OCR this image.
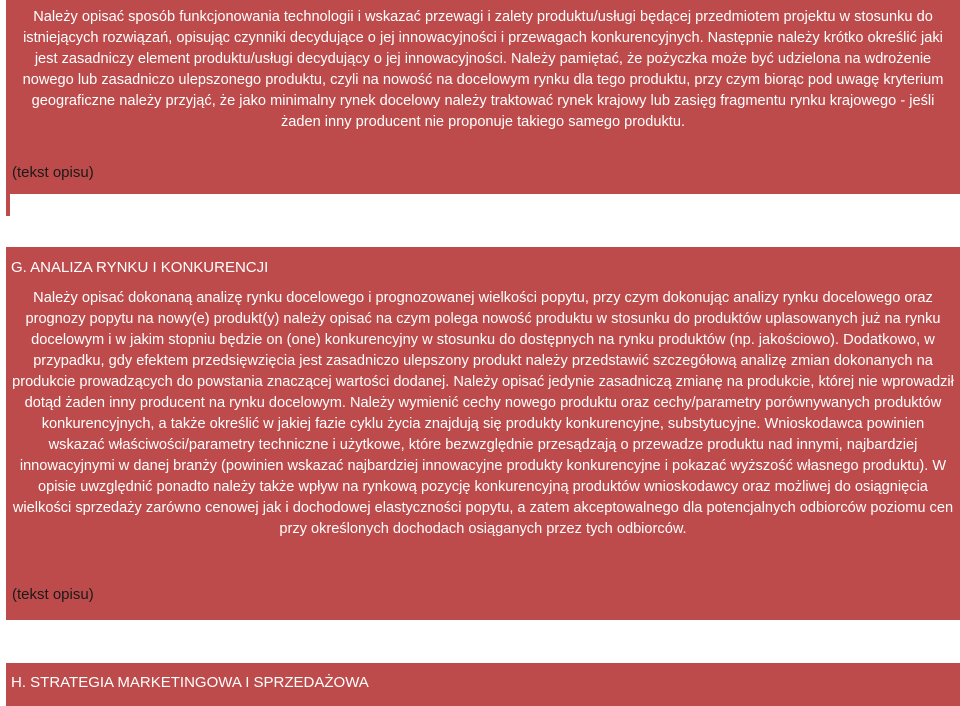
Należy opisać sposób funkcjonowania technologii i wskazać przewagi i zalety produktu/usługi będącej przedmiotem projektu w stosunku do istniejących rozwiązań, opisując czynniki decydujące o jej innowacyjności i przewagach konkurencyjnych. Następnie należy krótko określić jaki jest zasadniczy element produktu/usługi decydujący o jej innowacyjności. Należy pamiętać, że pożyczka może być udzielona na wdrożenie nowego lub zasadniczo ulepszonego produktu, czyli na nowość na docelowym rynku dla tego produktu, przy czym biorąc pod uwagę kryterium geograficzne należy przyjąć, że jako minimalny rynek docelowy należy traktować rynek krajowy lub zasięg fragmentu rynku krajowego - jeśli żaden inny producent nie proponuje takiego samego produktu.

(tekst opisu)
G. ANALIZA RYNKU I KONKURENCJI

Należy opisać dokonaną analizę rynku docelowego i prognozowanej wielkości popytu, przy czym dokonując analizy rynku docelowego oraz prognozy popytu na nowy(e) produkt(y) należy opisać na czym polega nowość produktu w stosunku do produktów uplasowanych już na rynku docelowym i w jakim stopniu będzie on (one) konkurencyjny w stosunku do dostępnych na rynku produktów (np. jakościowo). Dodatkowo, w przypadku, gdy efektem przedsięwzięcia jest zasadniczo ulepszony produkt należy przedstawić szczegółową analizę zmian dokonanych na produkcie prowadzących do powstania znaczącej wartości dodanej. Należy opisać jedynie zasadniczą zmianę na produkcie, której nie wprowadził dotąd żaden inny producent na rynku docelowym. Należy wymienić cechy nowego produktu oraz cechy/parametry porównywanych produktów konkurencyjnych, a także określić w jakiej fazie cyklu życia znajdują się produkty konkurencyjne, substytucyjne. Wnioskodawca powinien wskazać właściwości/parametry techniczne i użytkowe, które bezwzględnie przesądzają o przewadze produktu nad innymi, najbardziej innowacyjnymi w danej branży (powinien wskazać najbardziej innowacyjne produkty konkurencyjne i pokazać wyższość własnego produktu). W opisie uwzględnić ponadto należy także wpływ na rynkową pozycję konkurencyjną produktów wnioskodawcy oraz możliwej do osiągnięcia wielkości sprzedaży zarówno cenowej jak i dochodowej elastyczności popytu, a zatem akceptowalnego dla potencjalnych odbiorców poziomu cen przy określonych dochodach osiąganych przez tych odbiorców.

(tekst opisu)
H. STRATEGIA MARKETINGOWA I SPRZEDAŻOWA
